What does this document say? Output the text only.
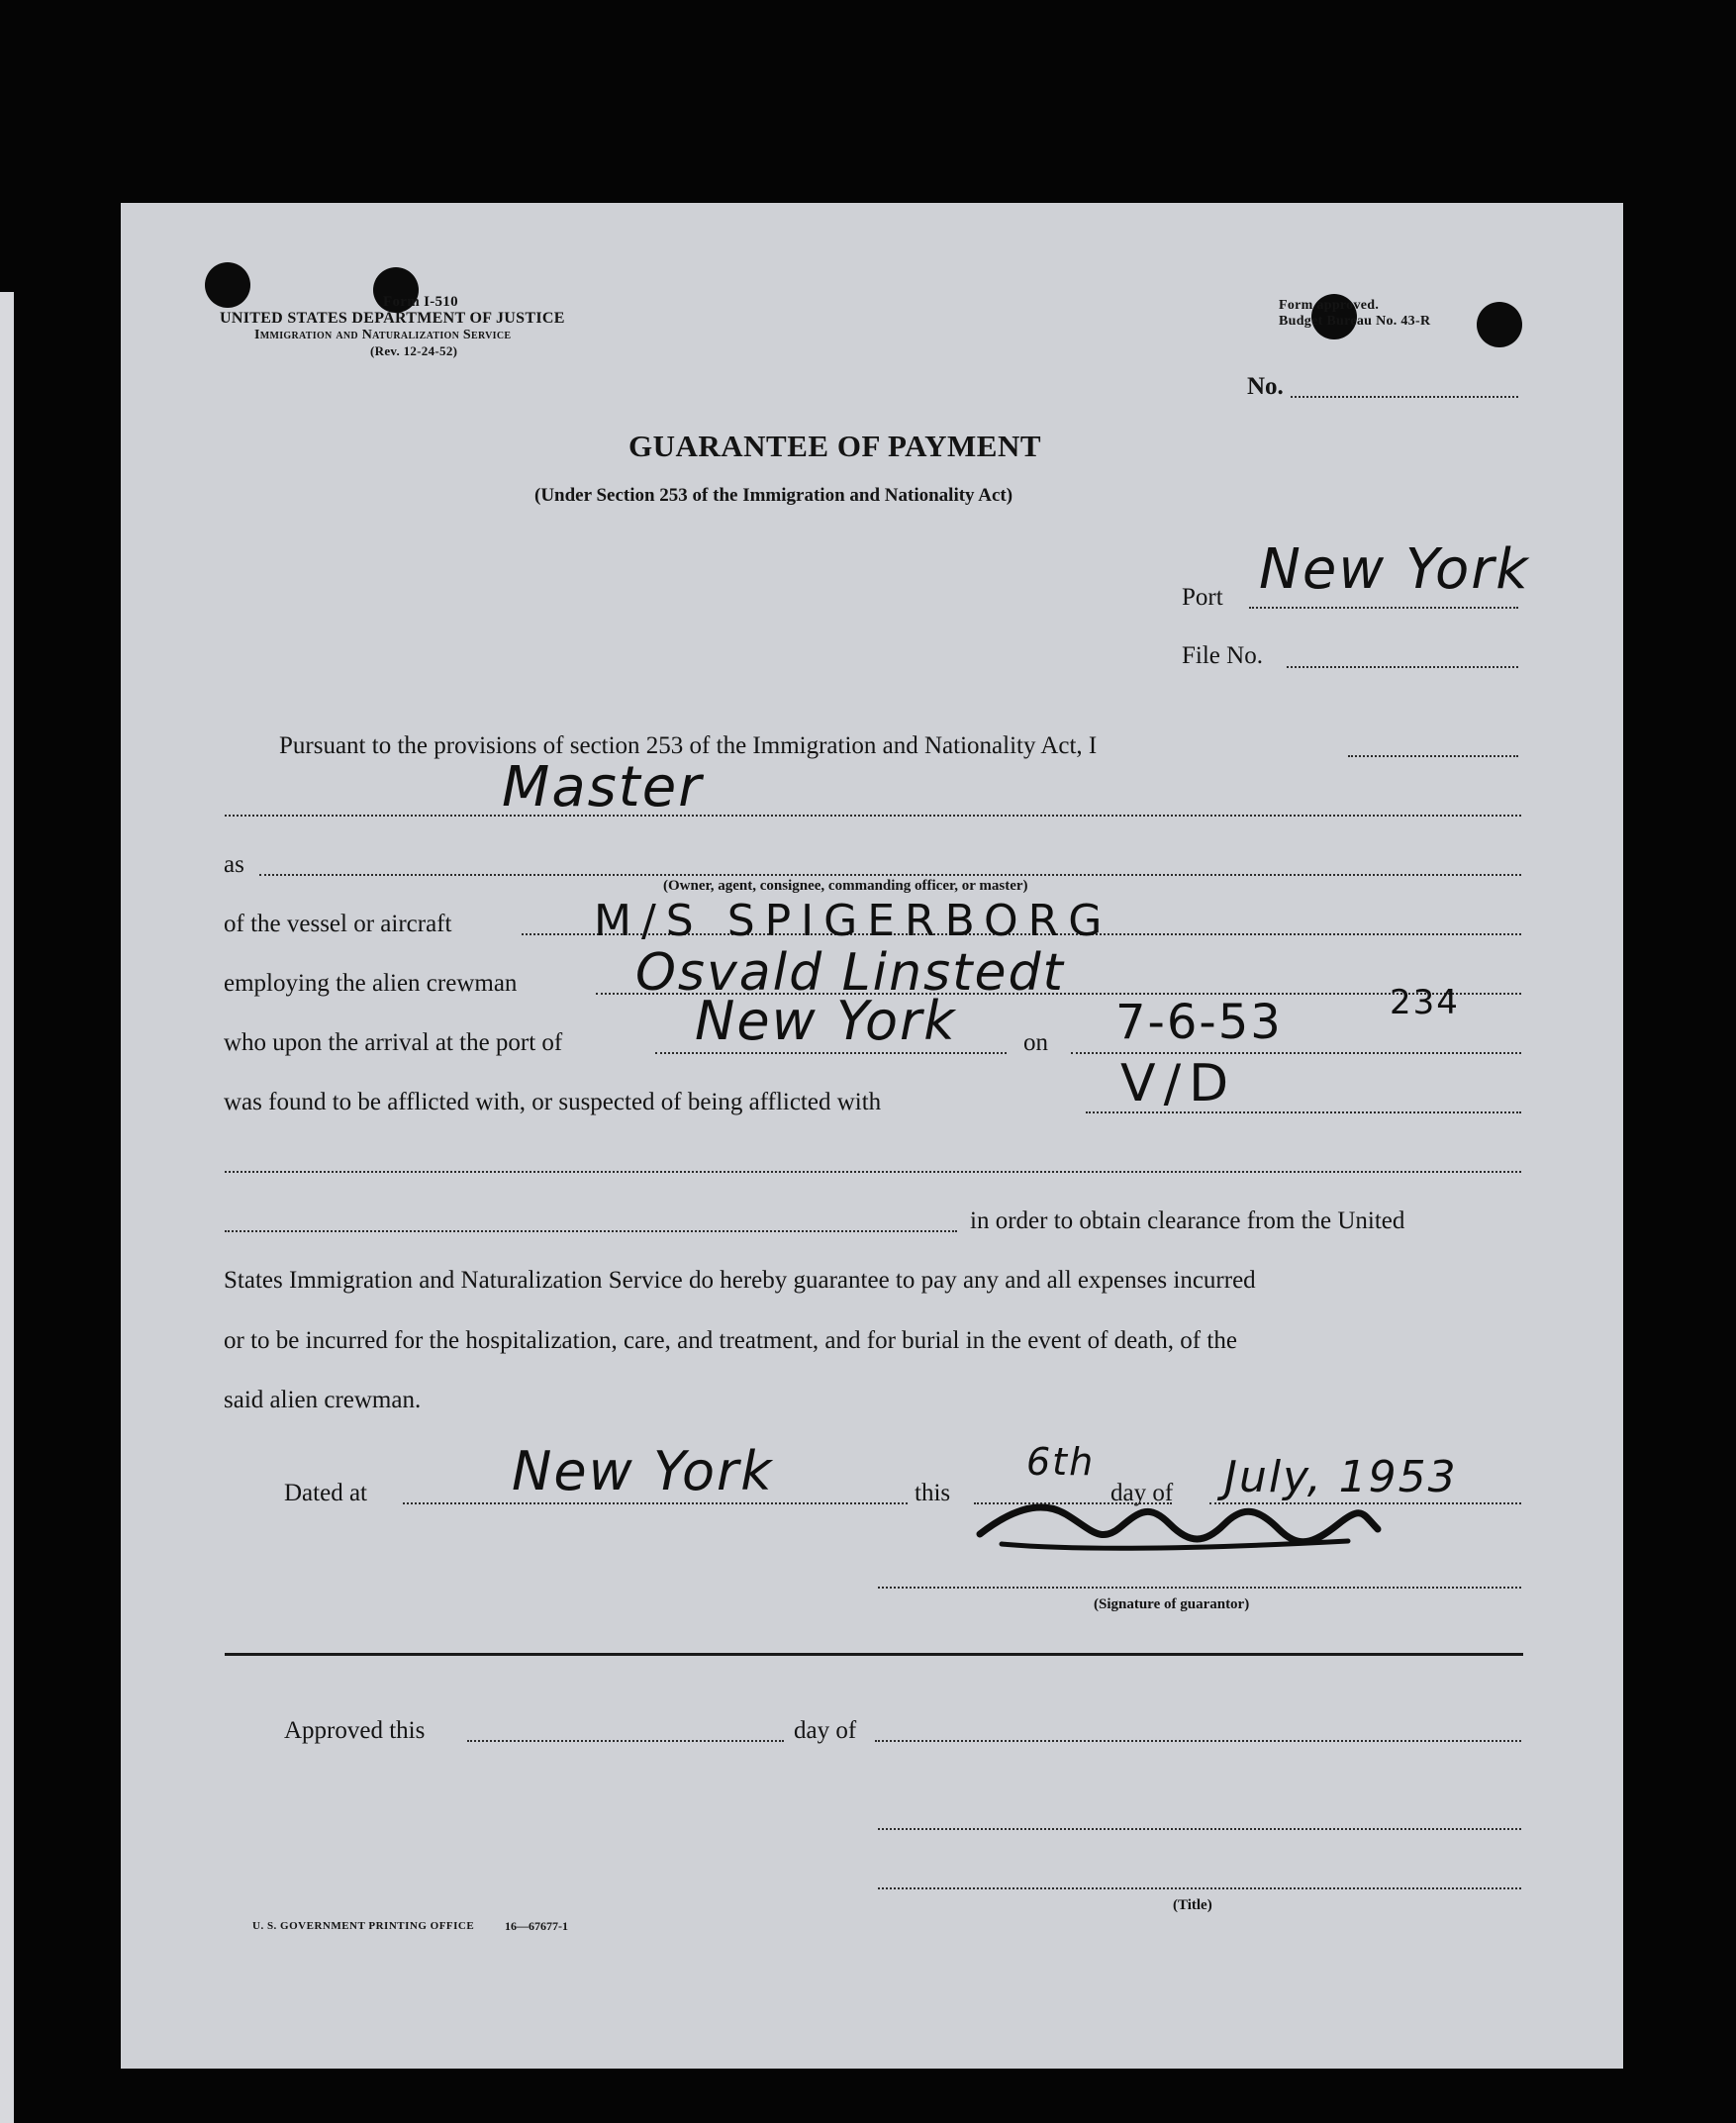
Form I-510
UNITED STATES DEPARTMENT OF JUSTICE
Immigration and Naturalization Service
(Rev. 12-24-52)
Form approved.
Budget Bureau No. 43-R
No.
GUARANTEE OF PAYMENT
(Under Section 253 of the Immigration and Nationality Act)
Port New York
File No.
Pursuant to the provisions of section 253 of the Immigration and Nationality Act, I
Master
as
(Owner, agent, consignee, commanding officer, or master)
of the vessel or aircraft	M/S SPIGERBORG
employing the alien crewman Osvald Linstedt
who upon the arrival at the port of New York	on 7-6-53	234
was found to be afflicted with, or suspected of being afflicted with	V/D
in order to obtain clearance from the United
States Immigration and Naturalization Service do hereby guarantee to pay any and all expenses incurred
or to be incurred for the hospitalization, care, and treatment, and for burial in the event of death, of the
said alien crewman.
Dated at	New York	this
6th
day of July, 1953
(Signature of guarantor)
Approved this	day of
(Title)
U. S. GOVERNMENT PRINTING OFFICE	16—67677-1
